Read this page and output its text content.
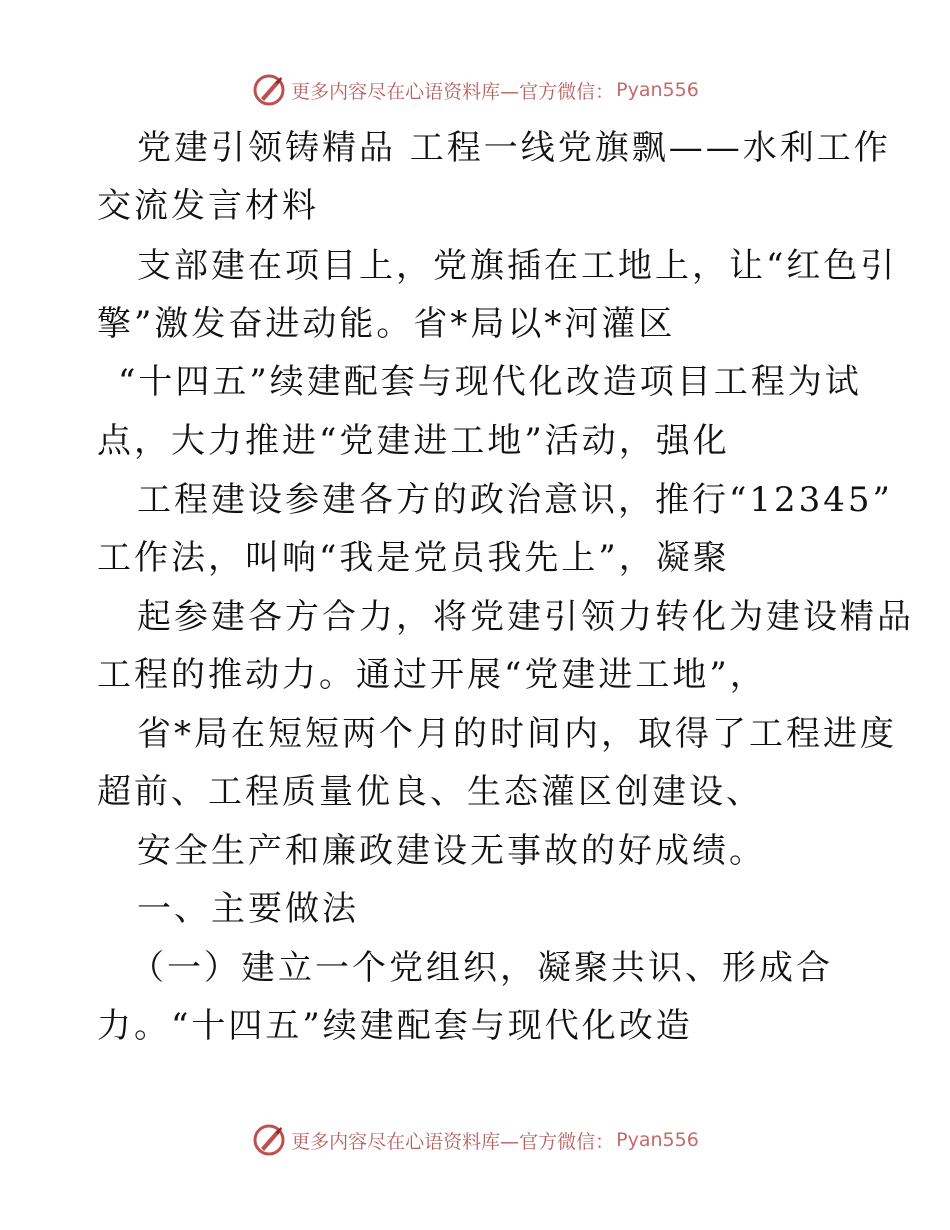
更多内容尽在心语资料库—官方微信： Pyan556
党建引领铸精品 工程一线党旗飘——水利工作
交流发言材料
支部建在项目上，党旗插在工地上，让“红色引
擎”激发奋进动能。省*局以*河灌区
“十四五”续建配套与现代化改造项目工程为试
点，大力推进“党建进工地”活动，强化
工程建设参建各方的政治意识，推行“12345”
工作法，叫响“我是党员我先上”，凝聚
起参建各方合力，将党建引领力转化为建设精品
工程的推动力。通过开展“党建进工地”，
省*局在短短两个月的时间内，取得了工程进度
超前、工程质量优良、生态灌区创建设、
安全生产和廉政建设无事故的好成绩。
一、主要做法
（一）建立一个党组织，凝聚共识、形成合
力。“十四五”续建配套与现代化改造
更多内容尽在心语资料库—官方微信： Pyan556
